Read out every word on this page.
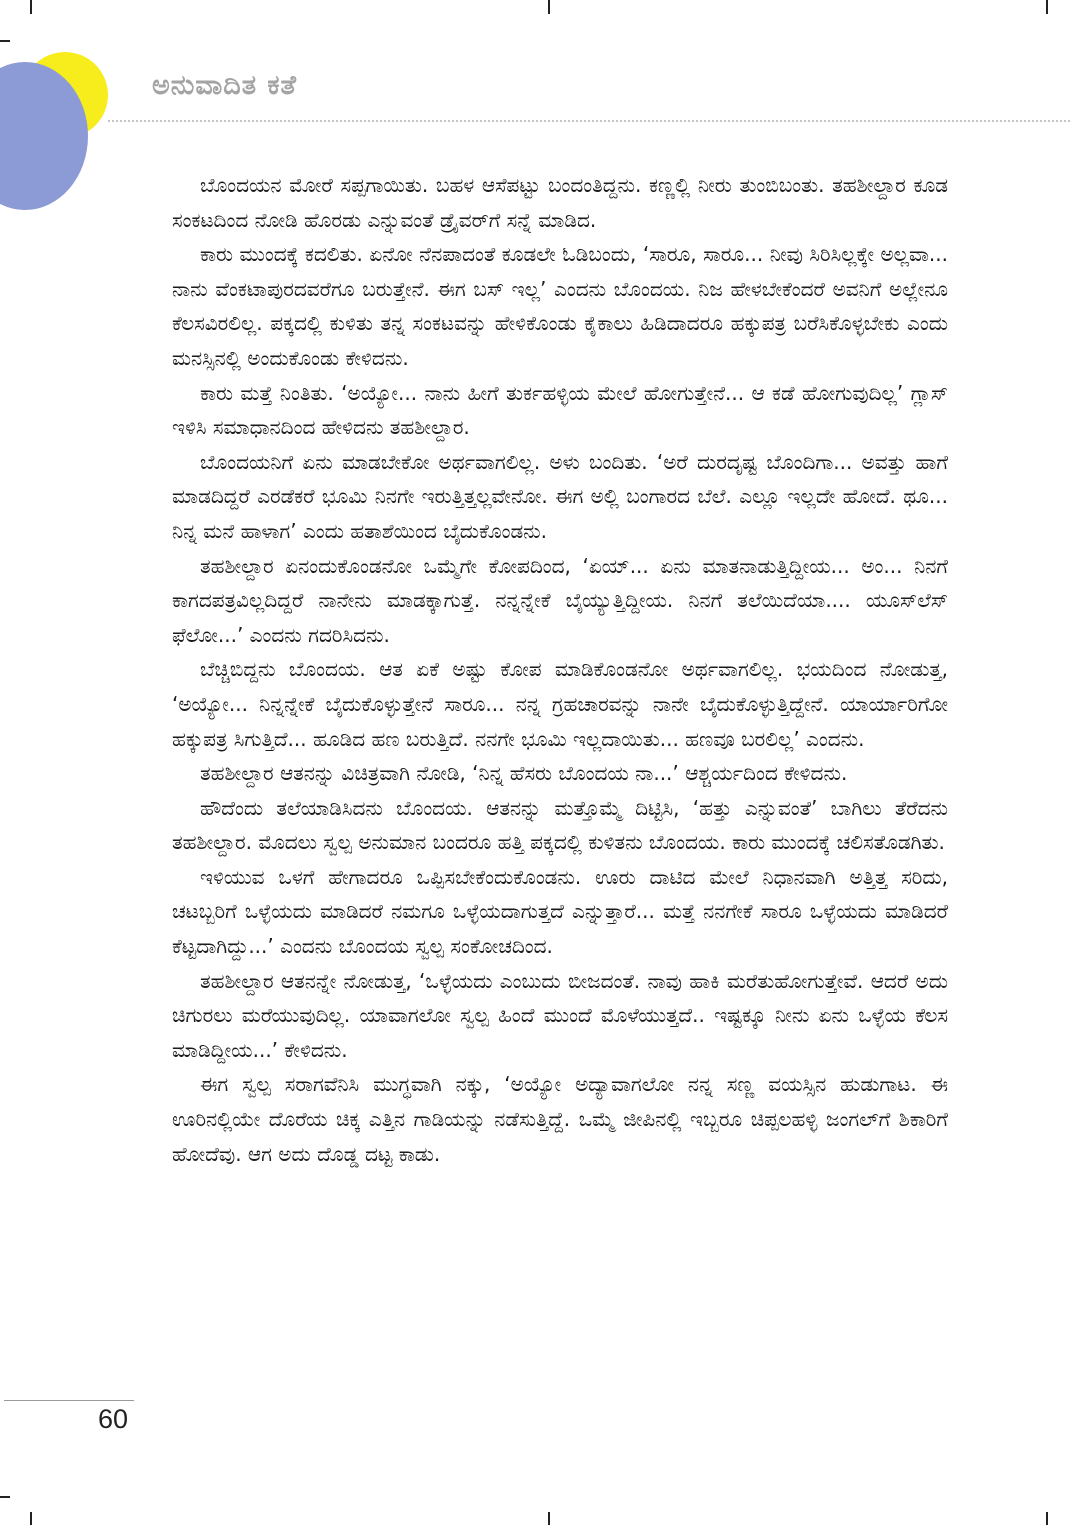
ಅನುವಾದಿತ ಕತೆ

ಬೊಂದಯನ ಮೋರೆ ಸಪ್ಪಗಾಯಿತು. ಬಹಳ ಆಸೆಪಟ್ಟು ಬಂದಂತಿದ್ದನು. ಕಣ್ಣಲ್ಲಿ ನೀರು ತುಂಬಿಬಂತು. ತಹಶೀಲ್ದಾರ ಕೂಡ ಸಂಕಟದಿಂದ ನೋಡಿ ಹೊರಡು ಎನ್ನುವಂತೆ ಡ್ರೈವರ್‌ಗೆ ಸನ್ನೆ ಮಾಡಿದ.

ಕಾರು ಮುಂದಕ್ಕೆ ಕದಲಿತು. ಏನೋ ನೆನಪಾದಂತೆ ಕೂಡಲೇ ಓಡಿಬಂದು, ‘ಸಾರೂ, ಸಾರೂ... ನೀವು ಸಿರಿಸಿಲ್ಲಕ್ಕೇ ಅಲ್ಲವಾ... ನಾನು ವೆಂಕಟಾಪುರದವರೆಗೂ ಬರುತ್ತೇನೆ. ಈಗ ಬಸ್ ಇಲ್ಲ’ ಎಂದನು ಬೊಂದಯ. ನಿಜ ಹೇಳಬೇಕೆಂದರೆ ಅವನಿಗೆ ಅಲ್ಲೇನೂ ಕೆಲಸವಿರಲಿಲ್ಲ. ಪಕ್ಕದಲ್ಲಿ ಕುಳಿತು ತನ್ನ ಸಂಕಟವನ್ನು ಹೇಳಿಕೊಂಡು ಕೈಕಾಲು ಹಿಡಿದಾದರೂ ಹಕ್ಕುಪತ್ರ ಬರೆಸಿಕೊಳ್ಳಬೇಕು ಎಂದು ಮನಸ್ಸಿನಲ್ಲಿ ಅಂದುಕೊಂಡು ಕೇಳಿದನು.

ಕಾರು ಮತ್ತೆ ನಿಂತಿತು. ‘ಅಯ್ಯೋ... ನಾನು ಹೀಗೆ ತುರ್ಕಹಳ್ಳಿಯ ಮೇಲೆ ಹೋಗುತ್ತೇನೆ... ಆ ಕಡೆ ಹೋಗುವುದಿಲ್ಲ’ ಗ್ಲಾಸ್ ಇಳಿಸಿ ಸಮಾಧಾನದಿಂದ ಹೇಳಿದನು ತಹಶೀಲ್ದಾರ.

ಬೊಂದಯನಿಗೆ ಏನು ಮಾಡಬೇಕೋ ಅರ್ಥವಾಗಲಿಲ್ಲ. ಅಳು ಬಂದಿತು. ‘ಅರೆ ದುರದೃಷ್ಟ ಬೊಂದಿಗಾ... ಅವತ್ತು ಹಾಗೆ ಮಾಡದಿದ್ದರೆ ಎರಡೆಕರೆ ಭೂಮಿ ನಿನಗೇ ಇರುತ್ತಿತ್ತಲ್ಲವೇನೋ. ಈಗ ಅಲ್ಲಿ ಬಂಗಾರದ ಬೆಲೆ. ಎಲ್ಲೂ ಇಲ್ಲದೇ ಹೋದೆ. ಥೂ... ನಿನ್ನ ಮನೆ ಹಾಳಾಗ’ ಎಂದು ಹತಾಶೆಯಿಂದ ಬೈದುಕೊಂಡನು.

ತಹಶೀಲ್ದಾರ ಏನಂದುಕೊಂಡನೋ ಒಮ್ಮೆಗೇ ಕೋಪದಿಂದ, ‘ಏಯ್... ಏನು ಮಾತನಾಡುತ್ತಿದ್ದೀಯ... ಅಂ... ನಿನಗೆ ಕಾಗದಪತ್ರವಿಲ್ಲದಿದ್ದರೆ ನಾನೇನು ಮಾಡಕ್ಕಾಗುತ್ತೆ. ನನ್ನನ್ನೇಕೆ ಬೈಯ್ಯುತ್ತಿದ್ದೀಯ. ನಿನಗೆ ತಲೆಯಿದೆಯಾ.... ಯೂಸ್‌ಲೆಸ್ ಫೆಲೋ...’ ಎಂದನು ಗದರಿಸಿದನು.

ಬೆಚ್ಚಿಬಿದ್ದನು ಬೊಂದಯ. ಆತ ಏಕೆ ಅಷ್ಟು ಕೋಪ ಮಾಡಿಕೊಂಡನೋ ಅರ್ಥವಾಗಲಿಲ್ಲ. ಭಯದಿಂದ ನೋಡುತ್ತ, ‘ಅಯ್ಯೋ... ನಿನ್ನನ್ನೇಕೆ ಬೈದುಕೊಳ್ಳುತ್ತೇನೆ ಸಾರೂ... ನನ್ನ ಗ್ರಹಚಾರವನ್ನು ನಾನೇ ಬೈದುಕೊಳ್ಳುತ್ತಿದ್ದೇನೆ. ಯಾರ್ಯಾರಿಗೋ ಹಕ್ಕುಪತ್ರ ಸಿಗುತ್ತಿದೆ... ಹೂಡಿದ ಹಣ ಬರುತ್ತಿದೆ. ನನಗೇ ಭೂಮಿ ಇಲ್ಲದಾಯಿತು... ಹಣವೂ ಬರಲಿಲ್ಲ’ ಎಂದನು.

ತಹಶೀಲ್ದಾರ ಆತನನ್ನು ವಿಚಿತ್ರವಾಗಿ ನೋಡಿ, ‘ನಿನ್ನ ಹೆಸರು ಬೊಂದಯ ನಾ...’ ಆಶ್ಚರ್ಯದಿಂದ ಕೇಳಿದನು.

ಹೌದೆಂದು ತಲೆಯಾಡಿಸಿದನು ಬೊಂದಯ. ಆತನನ್ನು ಮತ್ತೊಮ್ಮೆ ದಿಟ್ಟಿಸಿ, ‘ಹತ್ತು ಎನ್ನುವಂತೆ’ ಬಾಗಿಲು ತೆರೆದನು ತಹಶೀಲ್ದಾರ. ಮೊದಲು ಸ್ವಲ್ಪ ಅನುಮಾನ ಬಂದರೂ ಹತ್ತಿ ಪಕ್ಕದಲ್ಲಿ ಕುಳಿತನು ಬೊಂದಯ. ಕಾರು ಮುಂದಕ್ಕೆ ಚಲಿಸತೊಡಗಿತು.

ಇಳಿಯುವ ಒಳಗೆ ಹೇಗಾದರೂ ಒಪ್ಪಿಸಬೇಕೆಂದುಕೊಂಡನು. ಊರು ದಾಟಿದ ಮೇಲೆ ನಿಧಾನವಾಗಿ ಅತ್ತಿತ್ತ ಸರಿದು, ಚಟಬ್ಬರಿಗೆ ಒಳ್ಳೆಯದು ಮಾಡಿದರೆ ನಮಗೂ ಒಳ್ಳೆಯದಾಗುತ್ತದೆ ಎನ್ನುತ್ತಾರೆ... ಮತ್ತೆ ನನಗೇಕೆ ಸಾರೂ ಒಳ್ಳೆಯದು ಮಾಡಿದರೆ ಕೆಟ್ಟದಾಗಿದ್ದು...’ ಎಂದನು ಬೊಂದಯ ಸ್ವಲ್ಪ ಸಂಕೋಚದಿಂದ.

ತಹಶೀಲ್ದಾರ ಆತನನ್ನೇ ನೋಡುತ್ತ, ‘ಒಳ್ಳೆಯದು ಎಂಬುದು ಬೀಜದಂತೆ. ನಾವು ಹಾಕಿ ಮರೆತುಹೋಗುತ್ತೇವೆ. ಆದರೆ ಅದು ಚಿಗುರಲು ಮರೆಯುವುದಿಲ್ಲ. ಯಾವಾಗಲೋ ಸ್ವಲ್ಪ ಹಿಂದೆ ಮುಂದೆ ಮೊಳೆಯುತ್ತದೆ.. ಇಷ್ಟಕ್ಕೂ ನೀನು ಏನು ಒಳ್ಳೆಯ ಕೆಲಸ ಮಾಡಿದ್ದೀಯ...’ ಕೇಳಿದನು.

ಈಗ ಸ್ವಲ್ಪ ಸರಾಗವೆನಿಸಿ ಮುಗ್ಧವಾಗಿ ನಕ್ಕು, ‘ಅಯ್ಯೋ ಅದ್ಯಾವಾಗಲೋ ನನ್ನ ಸಣ್ಣ ವಯಸ್ಸಿನ ಹುಡುಗಾಟ. ಈ ಊರಿನಲ್ಲಿಯೇ ದೊರೆಯ ಚಿಕ್ಕ ಎತ್ತಿನ ಗಾಡಿಯನ್ನು ನಡೆಸುತ್ತಿದ್ದೆ. ಒಮ್ಮೆ ಜೀಪಿನಲ್ಲಿ ಇಬ್ಬರೂ ಚಿಪ್ಪಲಹಳ್ಳಿ ಜಂಗಲ್‌ಗೆ ಶಿಕಾರಿಗೆ ಹೋದೆವು. ಆಗ ಅದು ದೊಡ್ಡ ದಟ್ಟ ಕಾಡು.

60
